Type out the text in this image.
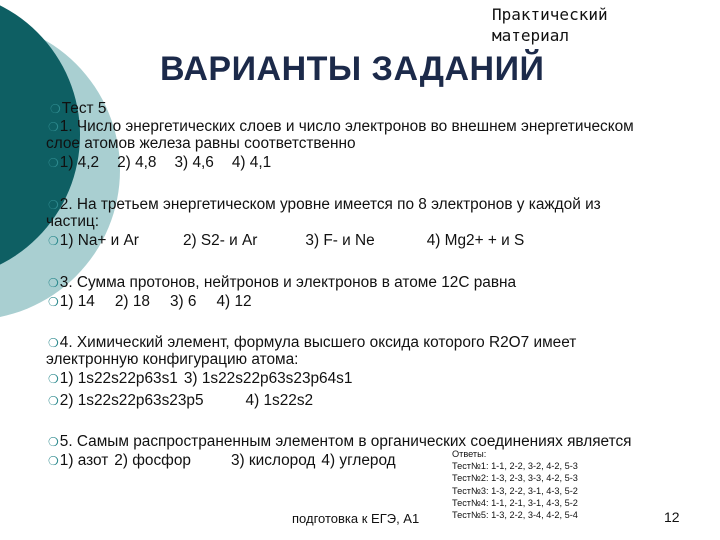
Практический
материал
ВАРИАНТЫ ЗАДАНИЙ
❍Тест 5
❍1. Число энергетических слоев и число электронов во внешнем энергетическом
слое атомов железа равны соответственно
❍1) 4,2 2) 4,8 3) 4,6 4) 4,1
❍2. На третьем энергетическом уровне имеется по 8 электронов у каждой из
частиц:
❍1) Na+ и Ar	2) S2- и Ar	3) F- и Ne	4) Mg2+ + и S
❍3. Сумма протонов, нейтронов и электронов в атоме 12С равна
❍1) 14 2) 18 3) 6 4) 12
❍4. Химический элемент, формула высшего оксида которого R2O7 имеет
электронную конфигурацию атома:
❍1) 1s22s22p63s1 3) 1s22s22p63s23p64s1
❍2) 1s22s22p63s23p5	4) 1s22s2
❍5. Самым распространенным элементом в органических соединениях является
❍1) азот 2) фосфор	3) кислород 4) углерод	Ответы:
Тест№1: 1-1, 2-2, 3-2, 4-2, 5-3
Тест№2: 1-3, 2-3, 3-3, 4-2, 5-3
Тест№3: 1-3, 2-2, 3-1, 4-3, 5-2
Тест№4: 1-1, 2-1, 3-1, 4-3, 5-2
Тест№5: 1-3, 2-2, 3-4, 4-2, 5-4
подготовка к ЕГЭ, А1	12
